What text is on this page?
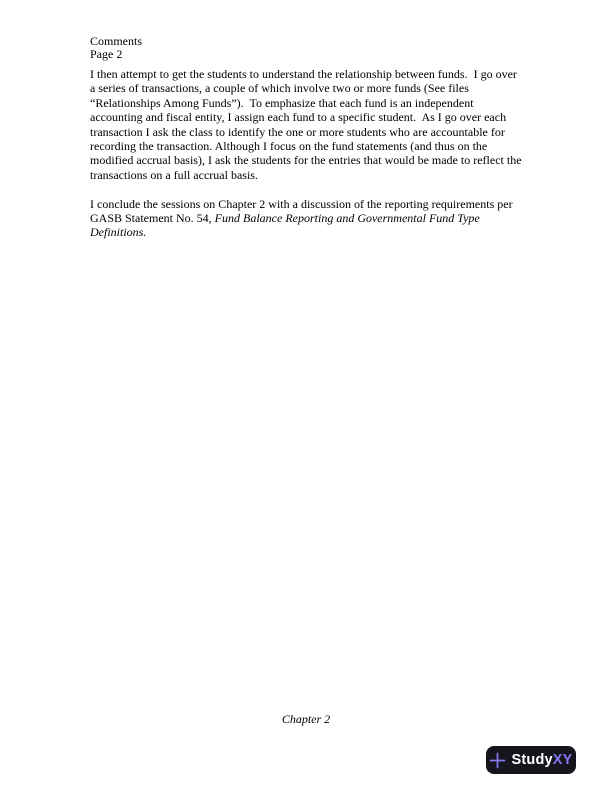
Comments
Page 2
I then attempt to get the students to understand the relationship between funds.  I go over
a series of transactions, a couple of which involve two or more funds (See files
“Relationships Among Funds”).  To emphasize that each fund is an independent
accounting and fiscal entity, I assign each fund to a specific student.  As I go over each
transaction I ask the class to identify the one or more students who are accountable for
recording the transaction. Although I focus on the fund statements (and thus on the
modified accrual basis), I ask the students for the entries that would be made to reflect the
transactions on a full accrual basis.
I conclude the sessions on Chapter 2 with a discussion of the reporting requirements per
GASB Statement No. 54, Fund Balance Reporting and Governmental Fund Type
Definitions.
Chapter 2
StudyXY
